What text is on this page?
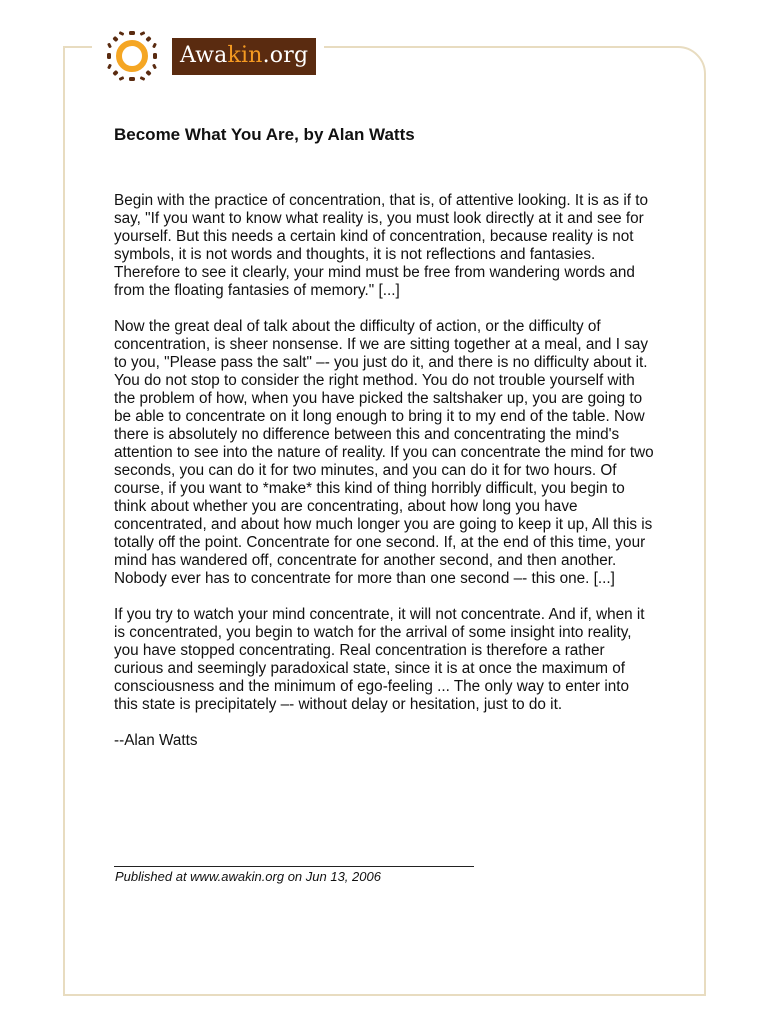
Awakin.org
Become What You Are, by Alan Watts

Begin with the practice of concentration, that is, of attentive looking. It is as if to say, "If you want to know what reality is, you must look directly at it and see for yourself. But this needs a certain kind of concentration, because reality is not symbols, it is not words and thoughts, it is not reflections and fantasies. Therefore to see it clearly, your mind must be free from wandering words and from the floating fantasies of memory." [...]

Now the great deal of talk about the difficulty of action, or the difficulty of concentration, is sheer nonsense. If we are sitting together at a meal, and I say to you, "Please pass the salt" –- you just do it, and there is no difficulty about it. You do not stop to consider the right method. You do not trouble yourself with the problem of how, when you have picked the saltshaker up, you are going to be able to concentrate on it long enough to bring it to my end of the table. Now there is absolutely no difference between this and concentrating the mind's attention to see into the nature of reality. If you can concentrate the mind for two seconds, you can do it for two minutes, and you can do it for two hours. Of course, if you want to *make* this kind of thing horribly difficult, you begin to think about whether you are concentrating, about how long you have concentrated, and about how much longer you are going to keep it up, All this is totally off the point. Concentrate for one second. If, at the end of this time, your mind has wandered off, concentrate for another second, and then another. Nobody ever has to concentrate for more than one second –- this one. [...]

If you try to watch your mind concentrate, it will not concentrate. And if, when it is concentrated, you begin to watch for the arrival of some insight into reality, you have stopped concentrating. Real concentration is therefore a rather curious and seemingly paradoxical state, since it is at once the maximum of consciousness and the minimum of ego-feeling ... The only way to enter into this state is precipitately –- without delay or hesitation, just to do it.

--Alan Watts

Published at www.awakin.org on Jun 13, 2006
